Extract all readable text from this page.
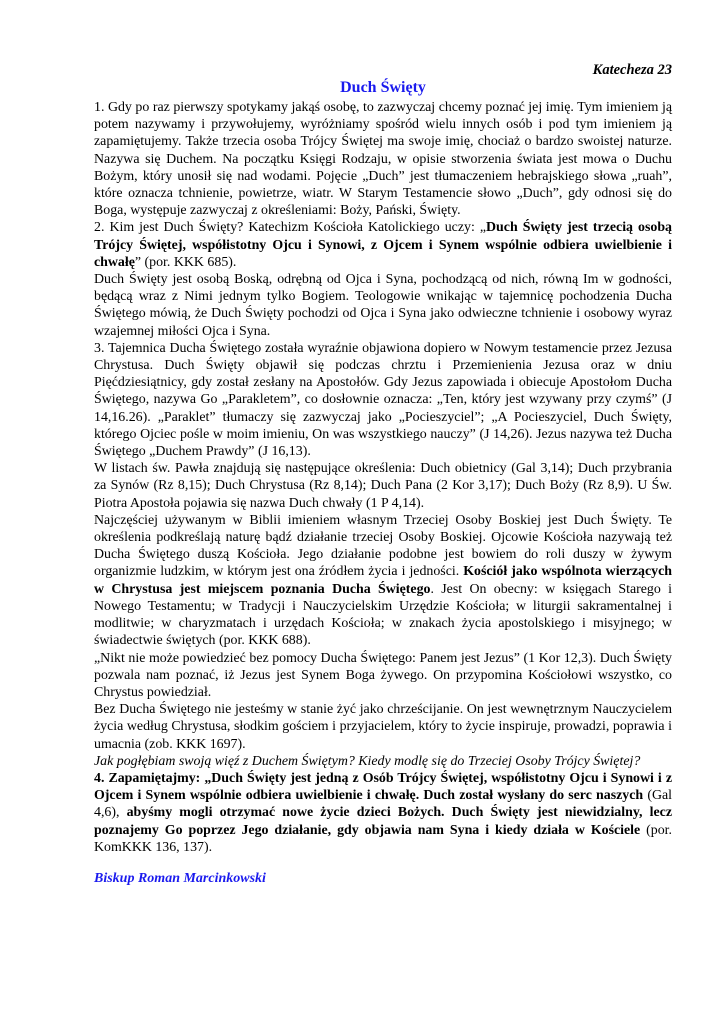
Katecheza 23
Duch Święty

1. Gdy po raz pierwszy spotykamy jakąś osobę, to zazwyczaj chcemy poznać jej imię. Tym imieniem ją potem nazywamy i przywołujemy, wyróżniamy spośród wielu innych osób i pod tym imieniem ją zapamiętujemy. Także trzecia osoba Trójcy Świętej ma swoje imię, chociaż o bardzo swoistej naturze. Nazywa się Duchem. Na początku Księgi Rodzaju, w opisie stworzenia świata jest mowa o Duchu Bożym, który unosił się nad wodami. Pojęcie „Duch” jest tłumaczeniem hebrajskiego słowa „ruah”, które oznacza tchnienie, powietrze, wiatr. W Starym Testamencie słowo „Duch”, gdy odnosi się do Boga, występuje zazwyczaj z określeniami: Boży, Pański, Święty.

2. Kim jest Duch Święty? Katechizm Kościoła Katolickiego uczy: „Duch Święty jest trzecią osobą Trójcy Świętej, współistotny Ojcu i Synowi, z Ojcem i Synem wspólnie odbiera uwielbienie i chwałę” (por. KKK 685).

Duch Święty jest osobą Boską, odrębną od Ojca i Syna, pochodzącą od nich, równą Im w godności, będącą wraz z Nimi jednym tylko Bogiem. Teologowie wnikając w tajemnicę pochodzenia Ducha Świętego mówią, że Duch Święty pochodzi od Ojca i Syna jako odwieczne tchnienie i osobowy wyraz wzajemnej miłości Ojca i Syna.

3. Tajemnica Ducha Świętego została wyraźnie objawiona dopiero w Nowym testamencie przez Jezusa Chrystusa. Duch Święty objawił się podczas chrztu i Przemienienia Jezusa oraz w dniu Pięćdziesiątnicy, gdy został zesłany na Apostołów. Gdy Jezus zapowiada i obiecuje Apostołom Ducha Świętego, nazywa Go „Parakletem”, co dosłownie oznacza: „Ten, który jest wzywany przy czymś” (J 14,16.26). „Paraklet” tłumaczy się zazwyczaj jako „Pocieszyciel”; „A Pocieszyciel, Duch Święty, którego Ojciec pośle w moim imieniu, On was wszystkiego nauczy” (J 14,26). Jezus nazywa też Ducha Świętego „Duchem Prawdy” (J 16,13).

W listach św. Pawła znajdują się następujące określenia: Duch obietnicy (Gal 3,14); Duch przybrania za Synów (Rz 8,15); Duch Chrystusa (Rz 8,14); Duch Pana (2 Kor 3,17); Duch Boży (Rz 8,9). U Św. Piotra Apostoła pojawia się nazwa Duch chwały (1 P 4,14).

Najczęściej używanym w Biblii imieniem własnym Trzeciej Osoby Boskiej jest Duch Święty. Te określenia podkreślają naturę bądź działanie trzeciej Osoby Boskiej. Ojcowie Kościoła nazywają też Ducha Świętego duszą Kościoła. Jego działanie podobne jest bowiem do roli duszy w żywym organizmie ludzkim, w którym jest ona źródłem życia i jedności. Kościół jako wspólnota wierzących w Chrystusa jest miejscem poznania Ducha Świętego. Jest On obecny: w księgach Starego i Nowego Testamentu; w Tradycji i Nauczycielskim Urzędzie Kościoła; w liturgii sakramentalnej i modlitwie; w charyzmatach i urzędach Kościoła; w znakach życia apostolskiego i misyjnego; w świadectwie świętych (por. KKK 688).

„Nikt nie może powiedzieć bez pomocy Ducha Świętego: Panem jest Jezus” (1 Kor 12,3). Duch Święty pozwala nam poznać, iż Jezus jest Synem Boga żywego. On przypomina Kościołowi wszystko, co Chrystus powiedział.

Bez Ducha Świętego nie jesteśmy w stanie żyć jako chrześcijanie. On jest wewnętrznym Nauczycielem życia według Chrystusa, słodkim gościem i przyjacielem, który to życie inspiruje, prowadzi, poprawia i umacnia (zob. KKK 1697).

Jak pogłębiam swoją więź z Duchem Świętym? Kiedy modlę się do Trzeciej Osoby Trójcy Świętej?

4. Zapamiętajmy: „Duch Święty jest jedną z Osób Trójcy Świętej, współistotny Ojcu i Synowi i z Ojcem i Synem wspólnie odbiera uwielbienie i chwałę. Duch został wysłany do serc naszych (Gal 4,6), abyśmy mogli otrzymać nowe życie dzieci Bożych. Duch Święty jest niewidzialny, lecz poznajemy Go poprzez Jego działanie, gdy objawia nam Syna i kiedy działa w Kościele (por. KomKKK 136, 137).

Biskup Roman Marcinkowski
